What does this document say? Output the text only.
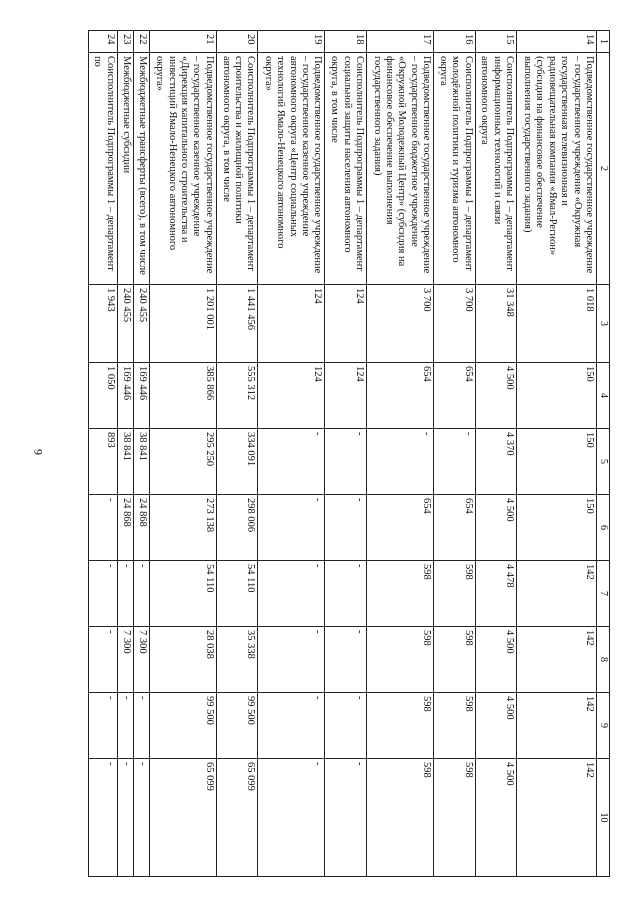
9
1	2	3	4	5	6	7	8	9	10
14	Подведомственное государственное учреждение – государственное учреждение «Окружная государственная телевизионная и радиовещательная компания «Ямал-Регион» (субсидия на финансовое обеспечение выполнения государственного задания)	1 018	150	150	150	142	142	142	142
15	Соисполнитель Подпрограммы 1 – департамент информационных технологий и связи автономного округа	31 348	4 500	4 370	4 500	4 478	4 500	4 500	4 500
16	Соисполнитель Подпрограммы 1 – департамент молодёжной политики и туризма автономного округа	3 700	654	-	654	598	598	598	598
17	Подведомственное государственное учреждение – государственное бюджетное учреждение «Окружной Молодежный Центр» (субсидия на финансовое обеспечение выполнения государственного задания)	3 700	654	-	654	598	598	598	598
18	Соисполнитель Подпрограммы 1 – департамент социальной защиты населения автономного округа, в том числе	124	124	-	-	-	-	-	-
19	Подведомственное государственное учреждение – государственное казенное учреждение автономного округа «Центр социальных технологий Ямало-Ненецкого автономного округа»	124	124	-	-	-	-	-	-
20	Соисполнитель Подпрограммы 1 – департамент строительства и жилищной политики автономного округа, в том числе	1 441 456	555 312	334 091	298 006	54 110	35 338	99 500	65 099
21	Подведомственное государственное учреждение – государственное казенное учреждение «Дирекция капитального строительства и инвестиций Ямало-Ненецкого автономного округа»	1 201 001	385 866	295 250	273 138	54 110	28 038	99 500	65 099
22	Межбюджетные трансферты (всего), в том числе	240 455	169 446	38 841	24 868	-	7 300	-	-
23	Межбюджетные субсидии	240 455	169 446	38 841	24 868	-	7 300	-	-
24	Соисполнитель Подпрограммы 1 – департамент по	1 943	1 050	893	-	-	-	-	-
